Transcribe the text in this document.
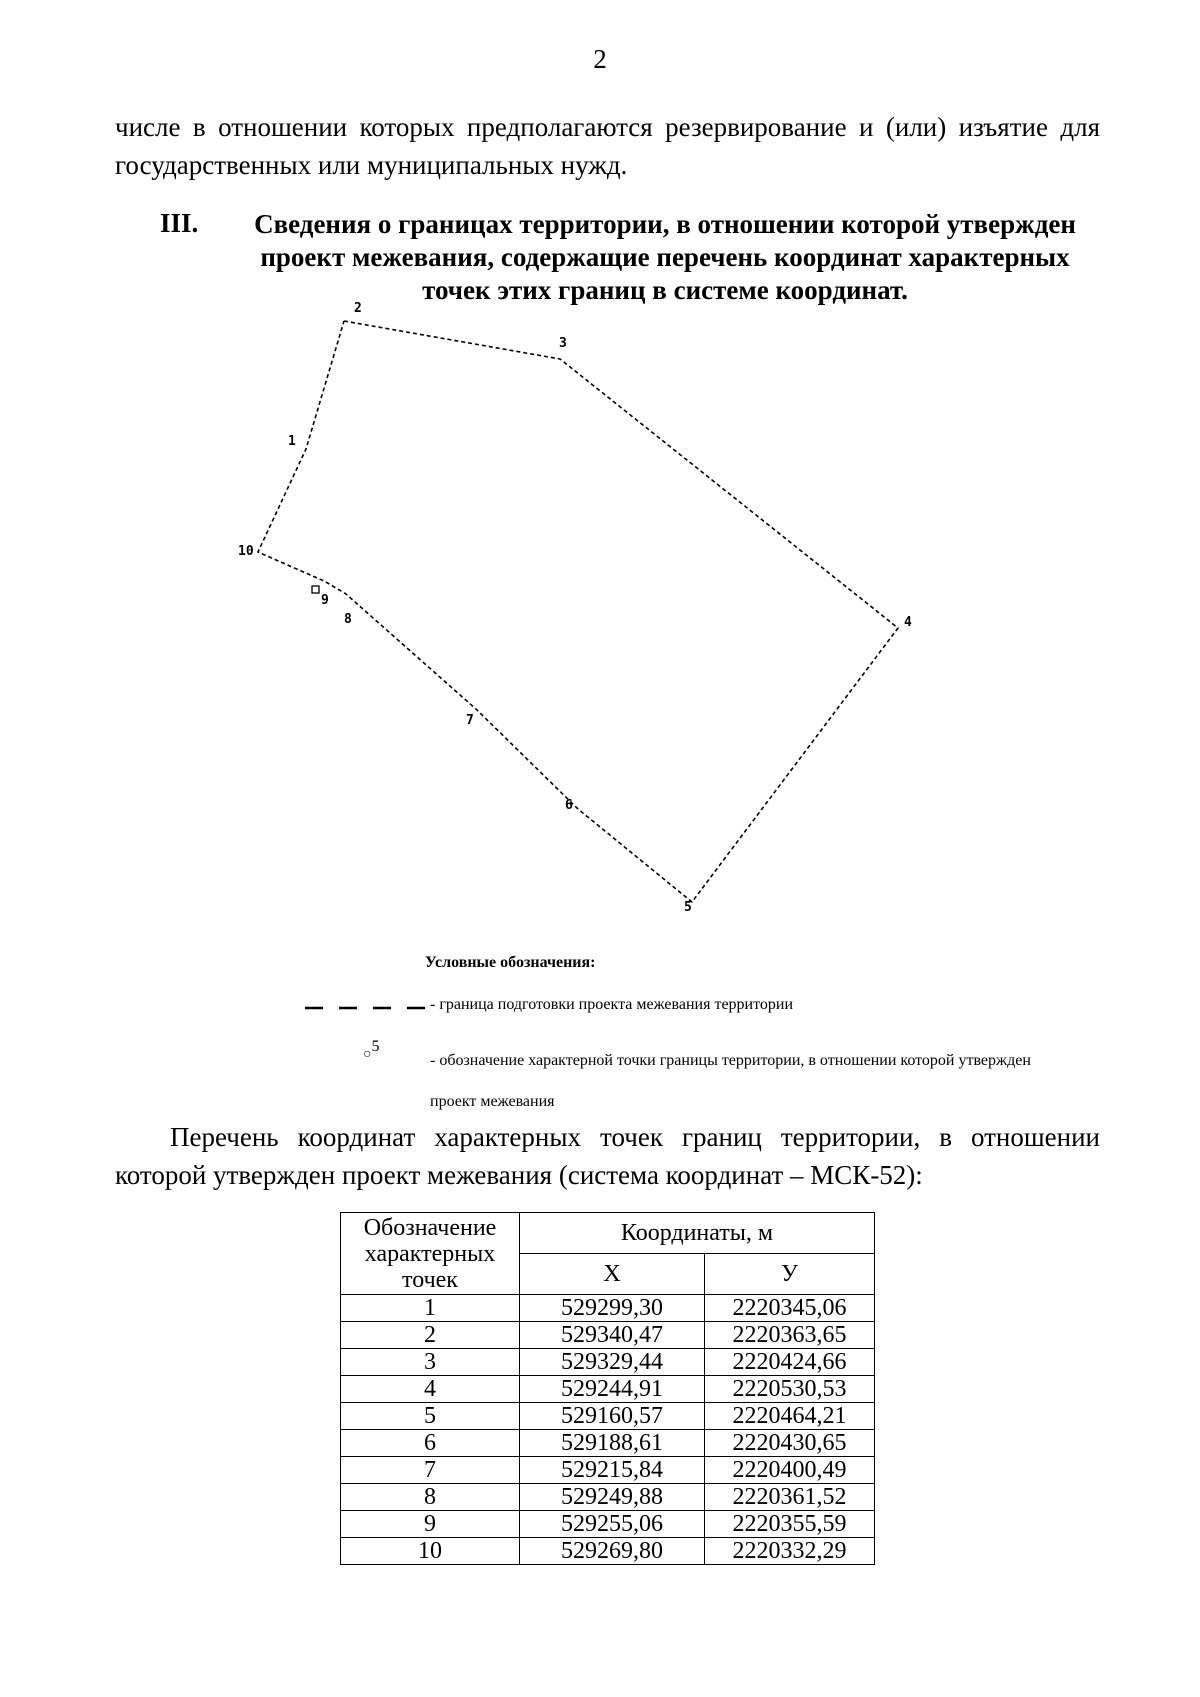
2
числе в отношении которых предполагаются резервирование и (или) изъятие для государственных или муниципальных нужд.
III.	Сведения о границах территории, в отношении которой утвержден проект межевания, содержащие перечень координат характерных точек этих границ в системе координат.
1
2
3
4
5
6
7
8
9
10
Условные обозначения:
- граница подготовки проекта межевания территории
○$^5$
- обозначение характерной точки границы территории, в отношении которой утвержден проект межевания
Перечень координат характерных точек границ территории, в отношении которой утвержден проект межевания (система координат – МСК-52):
Обозначение характерных точек	Координаты, м	
	Х	У
1	529299,30	2220345,06
2	529340,47	2220363,65
3	529329,44	2220424,66
4	529244,91	2220530,53
5	529160,57	2220464,21
6	529188,61	2220430,65
7	529215,84	2220400,49
8	529249,88	2220361,52
9	529255,06	2220355,59
10	529269,80	2220332,29
